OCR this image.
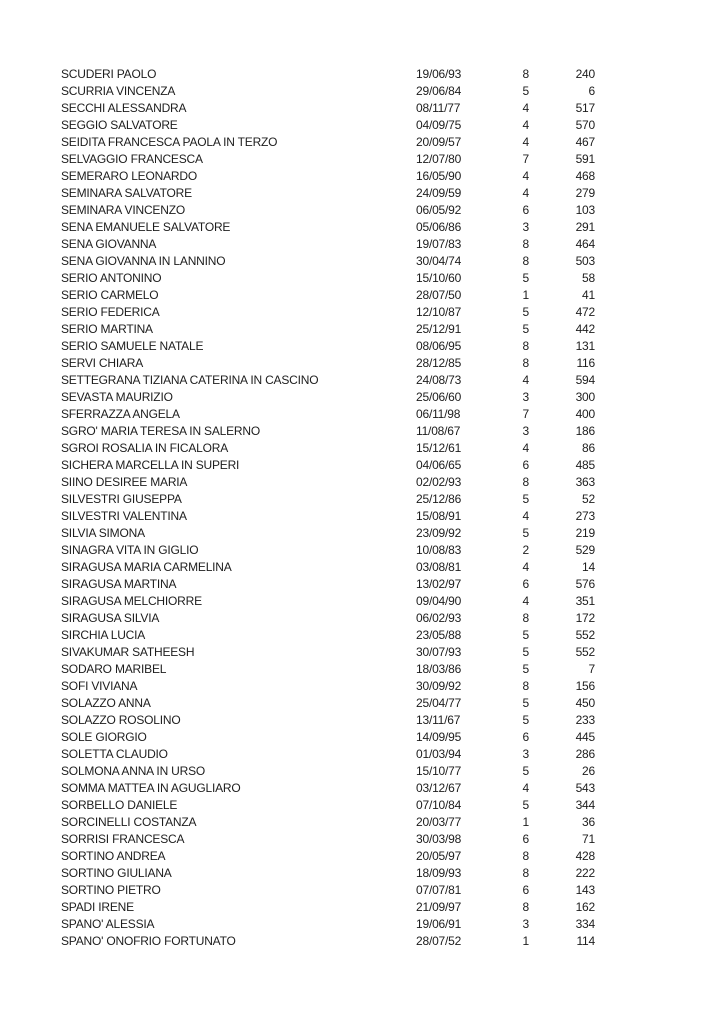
SCUDERI PAOLO	19/06/93	8	240
SCURRIA VINCENZA	29/06/84	5	6
SECCHI ALESSANDRA	08/11/77	4	517
SEGGIO SALVATORE	04/09/75	4	570
SEIDITA FRANCESCA PAOLA IN TERZO	20/09/57	4	467
SELVAGGIO FRANCESCA	12/07/80	7	591
SEMERARO LEONARDO	16/05/90	4	468
SEMINARA SALVATORE	24/09/59	4	279
SEMINARA VINCENZO	06/05/92	6	103
SENA EMANUELE SALVATORE	05/06/86	3	291
SENA GIOVANNA	19/07/83	8	464
SENA GIOVANNA IN LANNINO	30/04/74	8	503
SERIO ANTONINO	15/10/60	5	58
SERIO CARMELO	28/07/50	1	41
SERIO FEDERICA	12/10/87	5	472
SERIO MARTINA	25/12/91	5	442
SERIO SAMUELE NATALE	08/06/95	8	131
SERVI CHIARA	28/12/85	8	116
SETTEGRANA TIZIANA CATERINA IN CASCINO	24/08/73	4	594
SEVASTA MAURIZIO	25/06/60	3	300
SFERRAZZA ANGELA	06/11/98	7	400
SGRO' MARIA TERESA IN SALERNO	11/08/67	3	186
SGROI ROSALIA IN FICALORA	15/12/61	4	86
SICHERA MARCELLA IN SUPERI	04/06/65	6	485
SIINO DESIREE MARIA	02/02/93	8	363
SILVESTRI GIUSEPPA	25/12/86	5	52
SILVESTRI VALENTINA	15/08/91	4	273
SILVIA SIMONA	23/09/92	5	219
SINAGRA VITA IN GIGLIO	10/08/83	2	529
SIRAGUSA MARIA CARMELINA	03/08/81	4	14
SIRAGUSA MARTINA	13/02/97	6	576
SIRAGUSA MELCHIORRE	09/04/90	4	351
SIRAGUSA SILVIA	06/02/93	8	172
SIRCHIA LUCIA	23/05/88	5	552
SIVAKUMAR SATHEESH	30/07/93	5	552
SODARO MARIBEL	18/03/86	5	7
SOFI VIVIANA	30/09/92	8	156
SOLAZZO ANNA	25/04/77	5	450
SOLAZZO ROSOLINO	13/11/67	5	233
SOLE GIORGIO	14/09/95	6	445
SOLETTA CLAUDIO	01/03/94	3	286
SOLMONA ANNA IN URSO	15/10/77	5	26
SOMMA MATTEA IN AGUGLIARO	03/12/67	4	543
SORBELLO DANIELE	07/10/84	5	344
SORCINELLI COSTANZA	20/03/77	1	36
SORRISI FRANCESCA	30/03/98	6	71
SORTINO ANDREA	20/05/97	8	428
SORTINO GIULIANA	18/09/93	8	222
SORTINO PIETRO	07/07/81	6	143
SPADI IRENE	21/09/97	8	162
SPANO' ALESSIA	19/06/91	3	334
SPANO' ONOFRIO FORTUNATO	28/07/52	1	114
